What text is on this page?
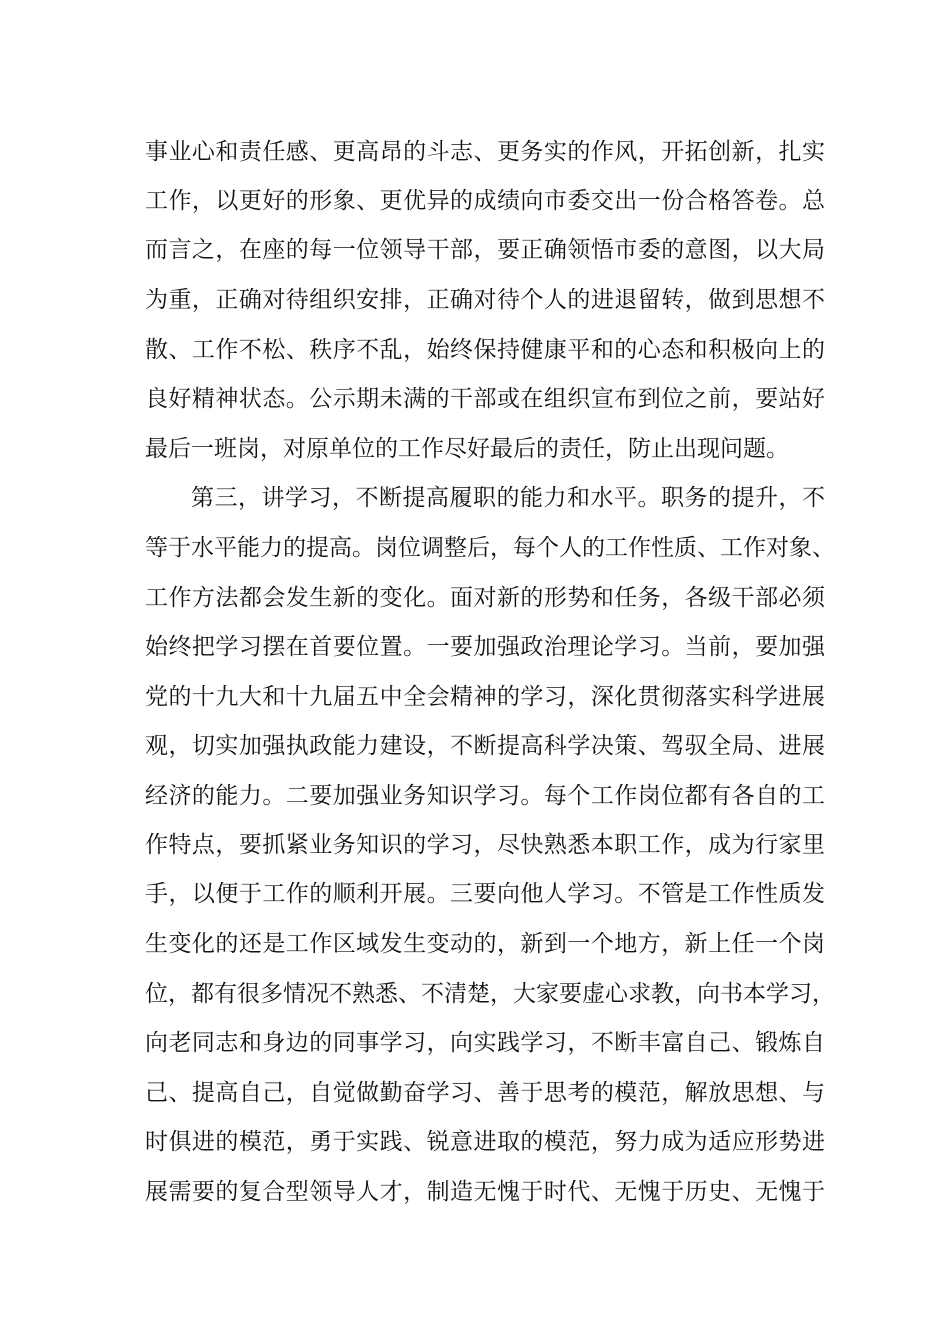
事业心和责任感、更高昂的斗志、更务实的作风，开拓创新，扎实
工作，以更好的形象、更优异的成绩向市委交出一份合格答卷。总
而言之，在座的每一位领导干部，要正确领悟市委的意图，以大局
为重，正确对待组织安排，正确对待个人的进退留转，做到思想不
散、工作不松、秩序不乱，始终保持健康平和的心态和积极向上的
良好精神状态。公示期未满的干部或在组织宣布到位之前，要站好
最后一班岗，对原单位的工作尽好最后的责任，防止出现问题。
第三，讲学习，不断提高履职的能力和水平。职务的提升，不
等于水平能力的提高。岗位调整后，每个人的工作性质、工作对象、
工作方法都会发生新的变化。面对新的形势和任务，各级干部必须
始终把学习摆在首要位置。一要加强政治理论学习。当前，要加强
党的十九大和十九届五中全会精神的学习，深化贯彻落实科学进展
观，切实加强执政能力建设，不断提高科学决策、驾驭全局、进展
经济的能力。二要加强业务知识学习。每个工作岗位都有各自的工
作特点，要抓紧业务知识的学习，尽快熟悉本职工作，成为行家里
手，以便于工作的顺利开展。三要向他人学习。不管是工作性质发
生变化的还是工作区域发生变动的，新到一个地方，新上任一个岗
位，都有很多情况不熟悉、不清楚，大家要虚心求教，向书本学习，
向老同志和身边的同事学习，向实践学习，不断丰富自己、锻炼自
己、提高自己，自觉做勤奋学习、善于思考的模范，解放思想、与
时俱进的模范，勇于实践、锐意进取的模范，努力成为适应形势进
展需要的复合型领导人才，制造无愧于时代、无愧于历史、无愧于
